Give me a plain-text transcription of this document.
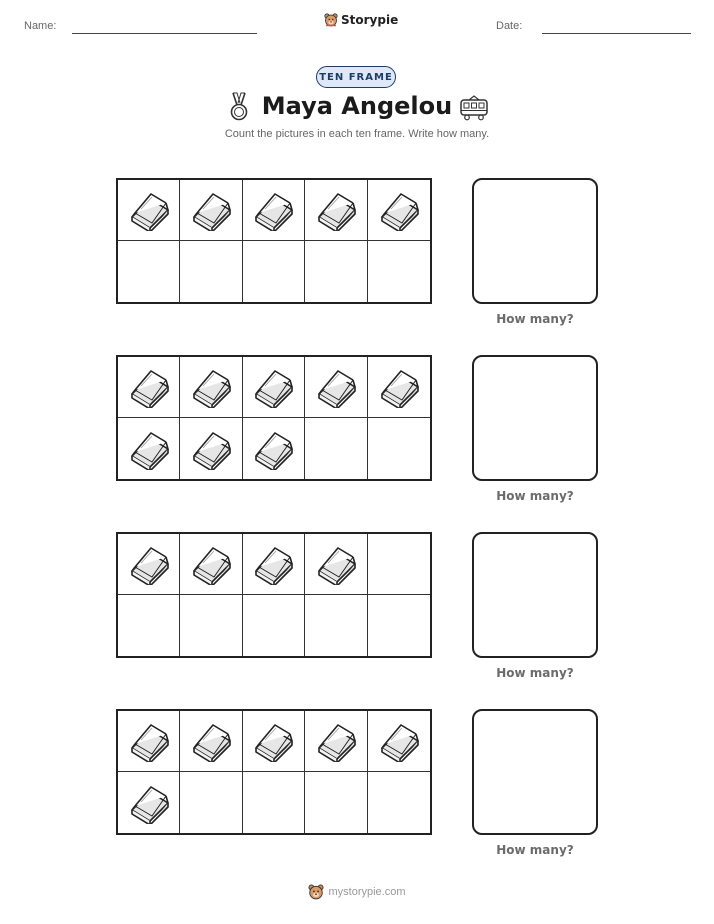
Name:	Storypie	Date:
TEN FRAME
Maya Angelou
Count the pictures in each ten frame. Write how many.
How many?
How many?
How many?
How many?
mystorypie.com
